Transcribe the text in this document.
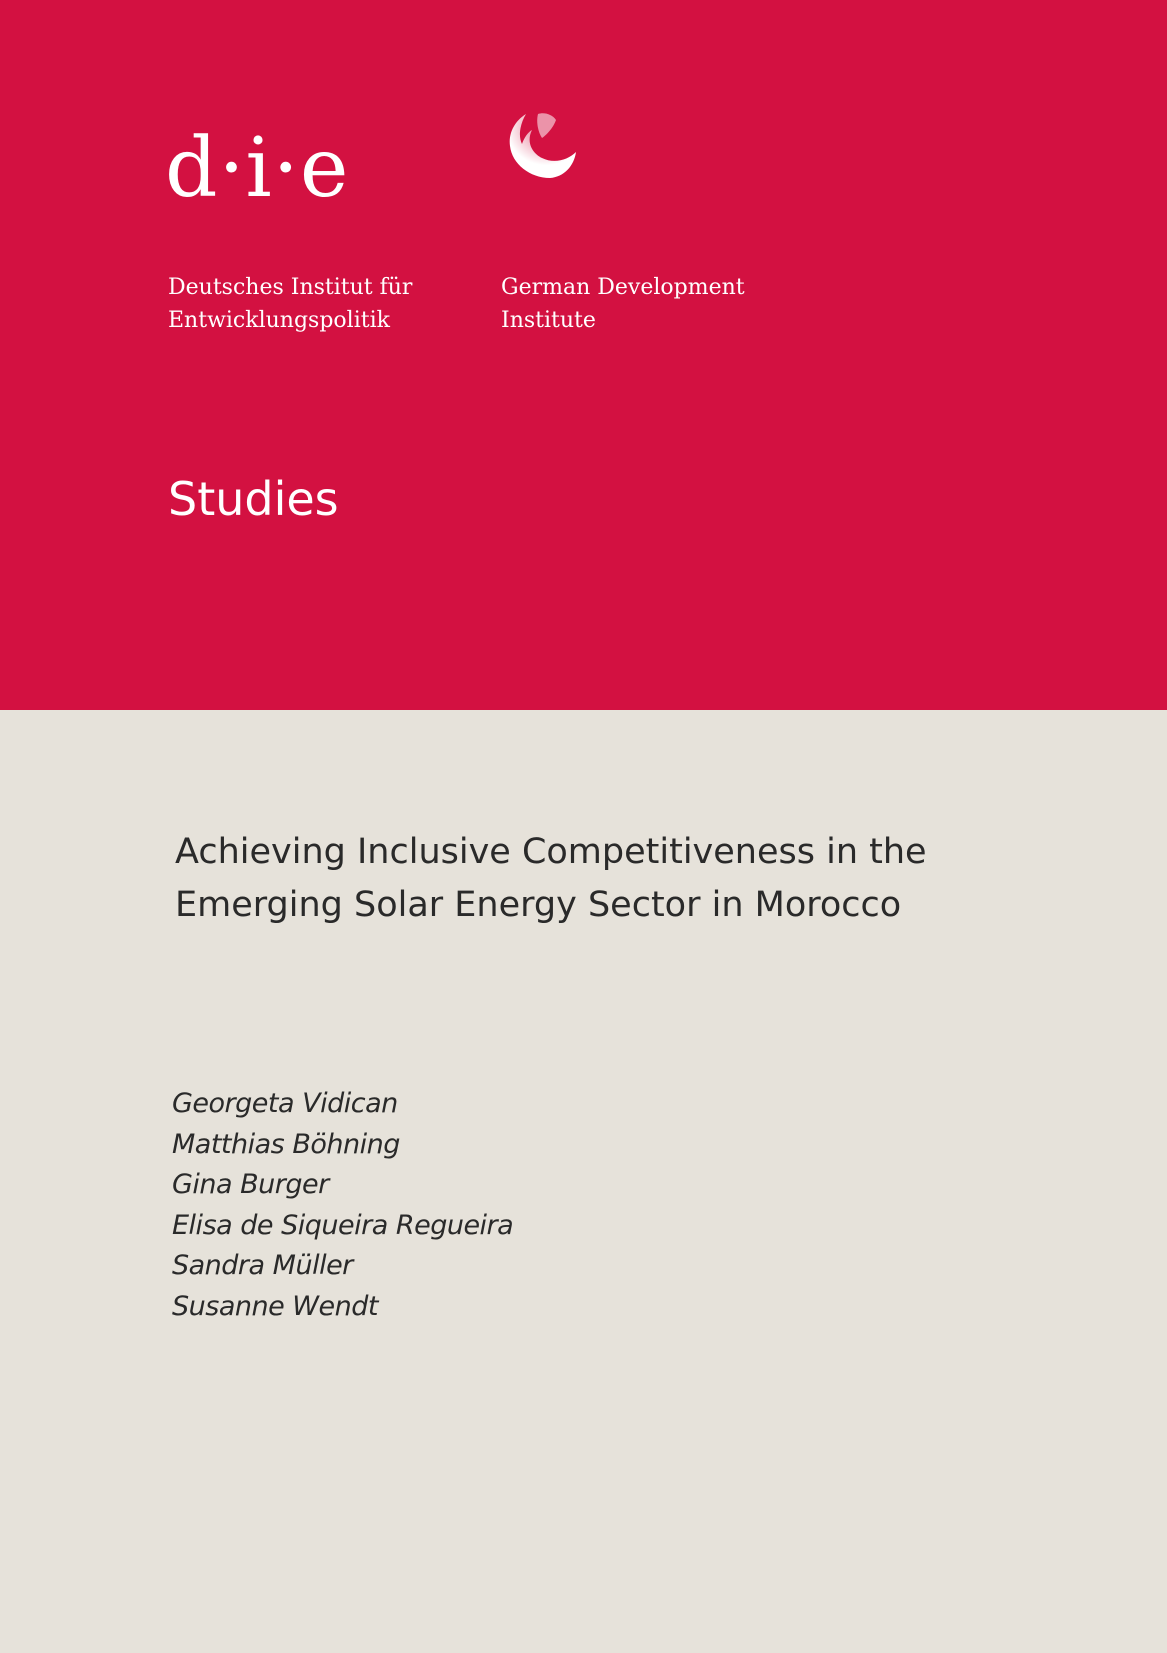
d·i·e
Deutsches Institut für
Entwicklungspolitik
German Development
Institute
Studies
Achieving Inclusive Competitiveness in the
Emerging Solar Energy Sector in Morocco
Georgeta Vidican
Matthias Böhning
Gina Burger
Elisa de Siqueira Regueira
Sandra Müller
Susanne Wendt
